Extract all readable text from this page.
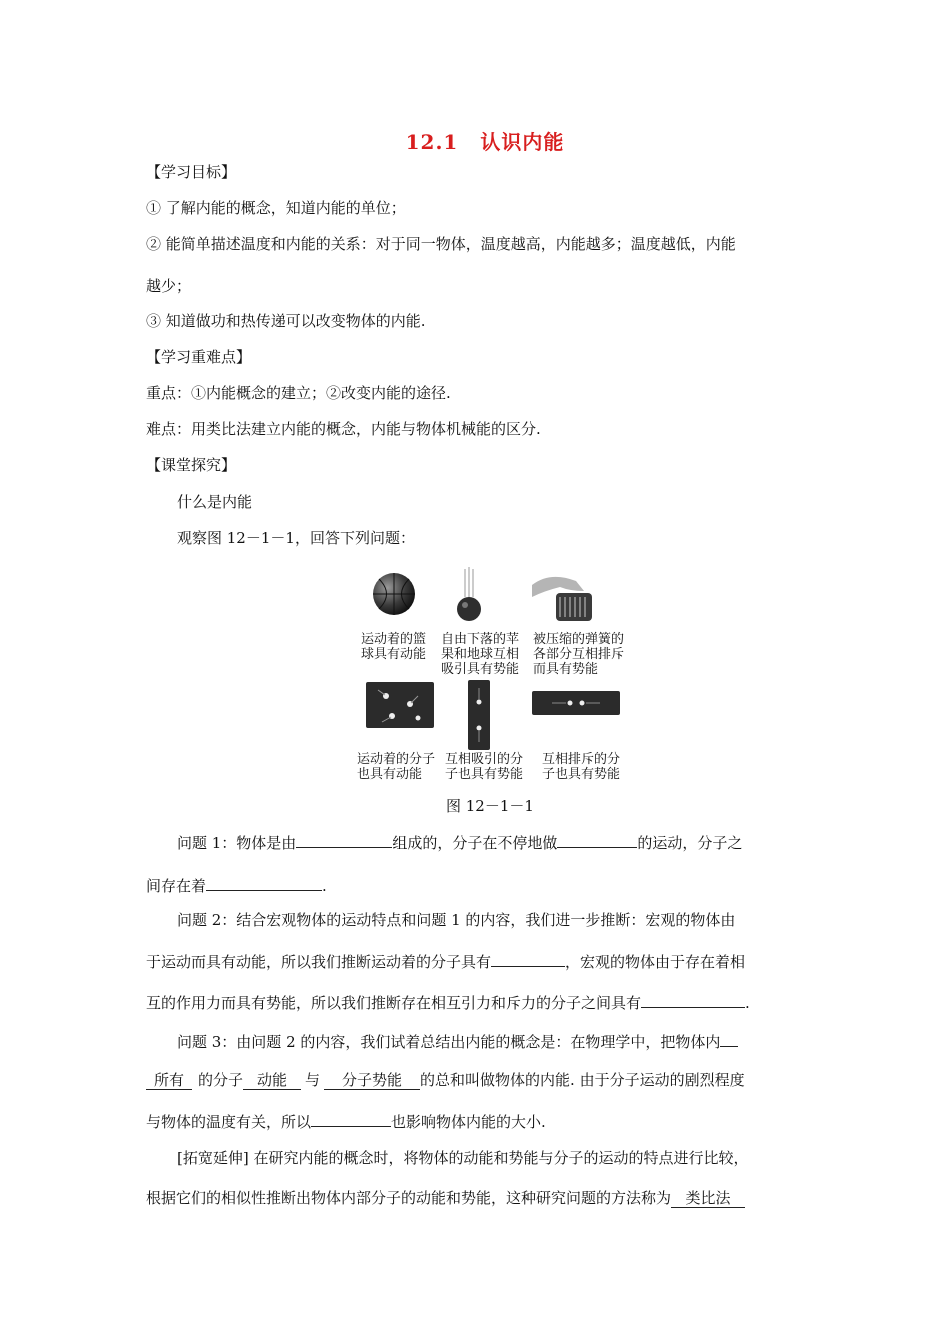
12.1 认识内能
【学习目标】
① 了解内能的概念，知道内能的单位；
② 能简单描述温度和内能的关系：对于同一物体，温度越高，内能越多；温度越低，内能
越少；
③ 知道做功和热传递可以改变物体的内能.
【学习重难点】
重点：①内能概念的建立；②改变内能的途径.
难点：用类比法建立内能的概念，内能与物体机械能的区分.
【课堂探究】
什么是内能
观察图 12－1－1，回答下列问题：
运动着的篮
球具有动能
自由下落的苹
果和地球互相
吸引具有势能
被压缩的弹簧的
各部分互相排斥
而具有势能
运动着的分子
也具有动能
互相吸引的分
子也具有势能
互相排斥的分
子也具有势能
图 12－1－1
问题 1：物体是由	组成的，分子在不停地做	的运动，分子之
间存在着	.
问题 2：结合宏观物体的运动特点和问题 1 的内容，我们进一步推断：宏观的物体由
于运动而具有动能，所以我们推断运动着的分子具有	，宏观的物体由于存在着相
互的作用力而具有势能，所以我们推断存在相互引力和斥力的分子之间具有	.
问题 3：由问题 2 的内容，我们试着总结出内能的概念是：在物理学中，把物体内
所有 的分子 动能 与 分子势能 的总和叫做物体的内能. 由于分子运动的剧烈程度
与物体的温度有关，所以	也影响物体内能的大小.
[拓宽延伸] 在研究内能的概念时，将物体的动能和势能与分子的运动的特点进行比较，
根据它们的相似性推断出物体内部分子的动能和势能，这种研究问题的方法称为 类比法
